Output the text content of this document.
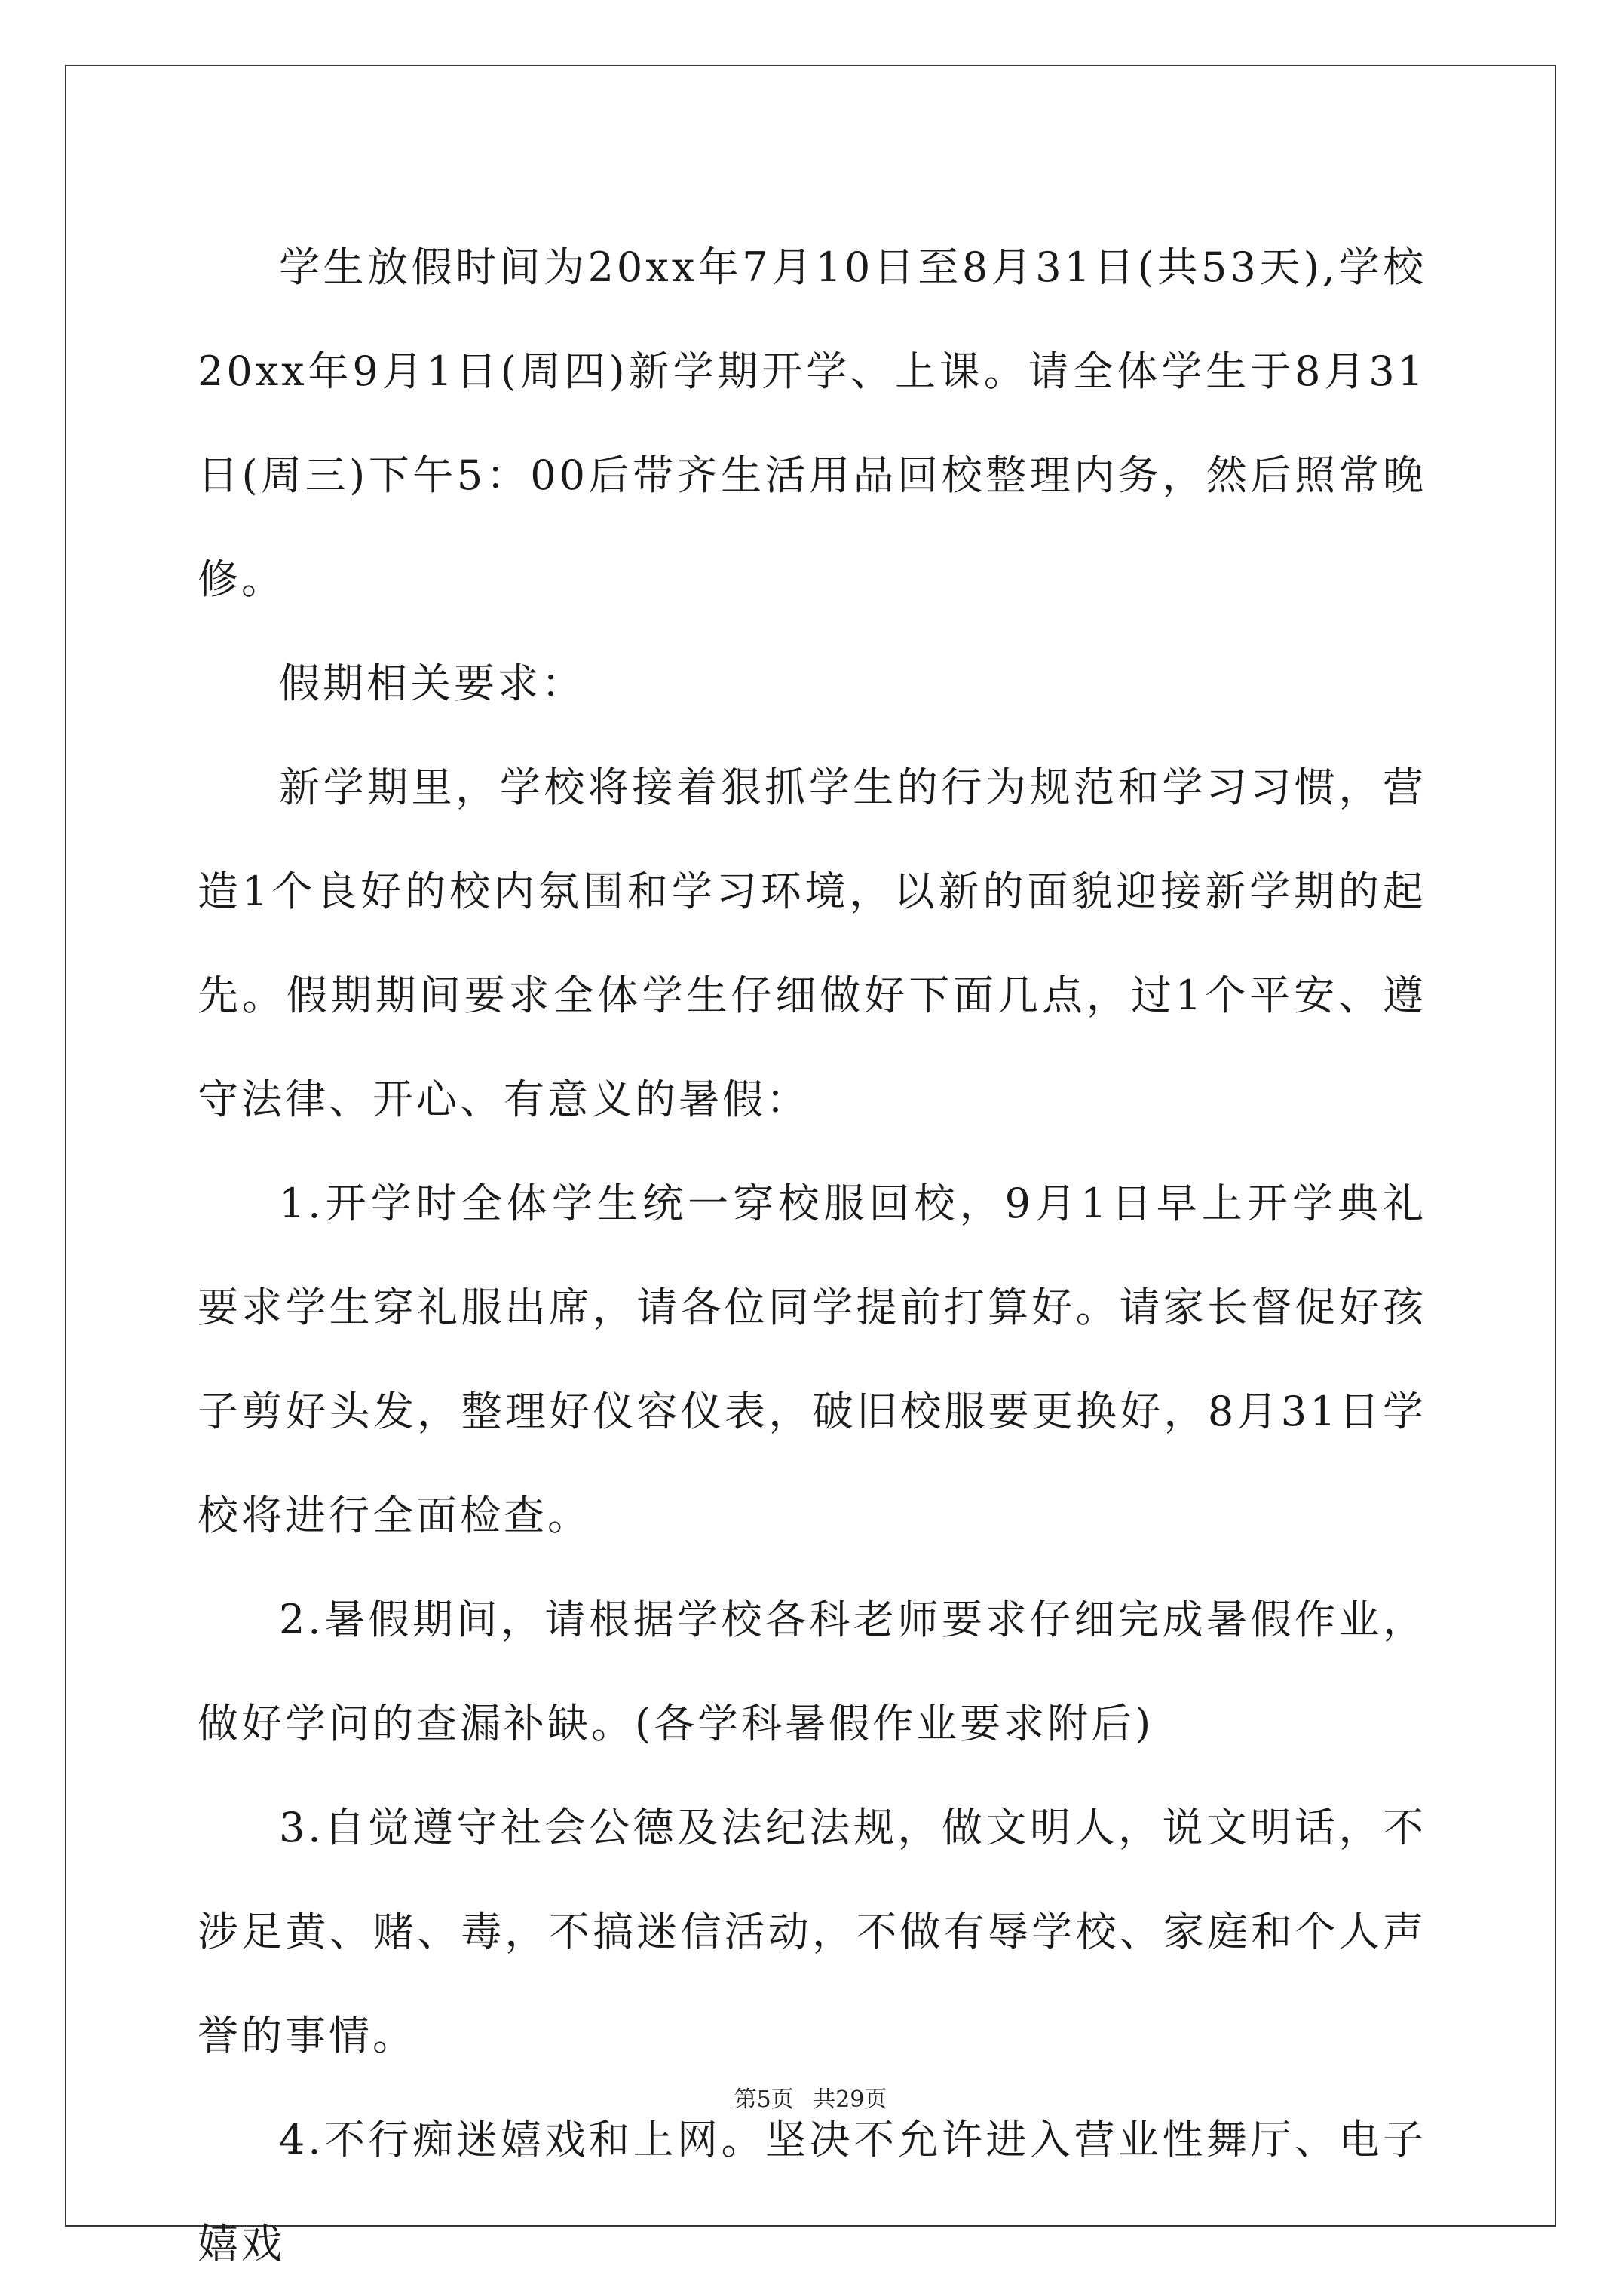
学生放假时间为20xx年7月10日至8月31日(共53天),学校20xx年9月1日(周四)新学期开学、上课。请全体学生于8月31日(周三)下午5：00后带齐生活用品回校整理内务，然后照常晚修。

假期相关要求：

新学期里，学校将接着狠抓学生的行为规范和学习习惯，营造1个良好的校内氛围和学习环境，以新的面貌迎接新学期的起先。假期期间要求全体学生仔细做好下面几点，过1个平安、遵守法律、开心、有意义的暑假：

1.开学时全体学生统一穿校服回校，9月1日早上开学典礼要求学生穿礼服出席，请各位同学提前打算好。请家长督促好孩子剪好头发，整理好仪容仪表，破旧校服要更换好，8月31日学校将进行全面检查。

2.暑假期间，请根据学校各科老师要求仔细完成暑假作业，做好学问的查漏补缺。(各学科暑假作业要求附后)

3.自觉遵守社会公德及法纪法规，做文明人，说文明话，不涉足黄、赌、毒，不搞迷信活动，不做有辱学校、家庭和个人声誉的事情。

4.不行痴迷嬉戏和上网。坚决不允许进入营业性舞厅、电子嬉戏

第5页 共29页
